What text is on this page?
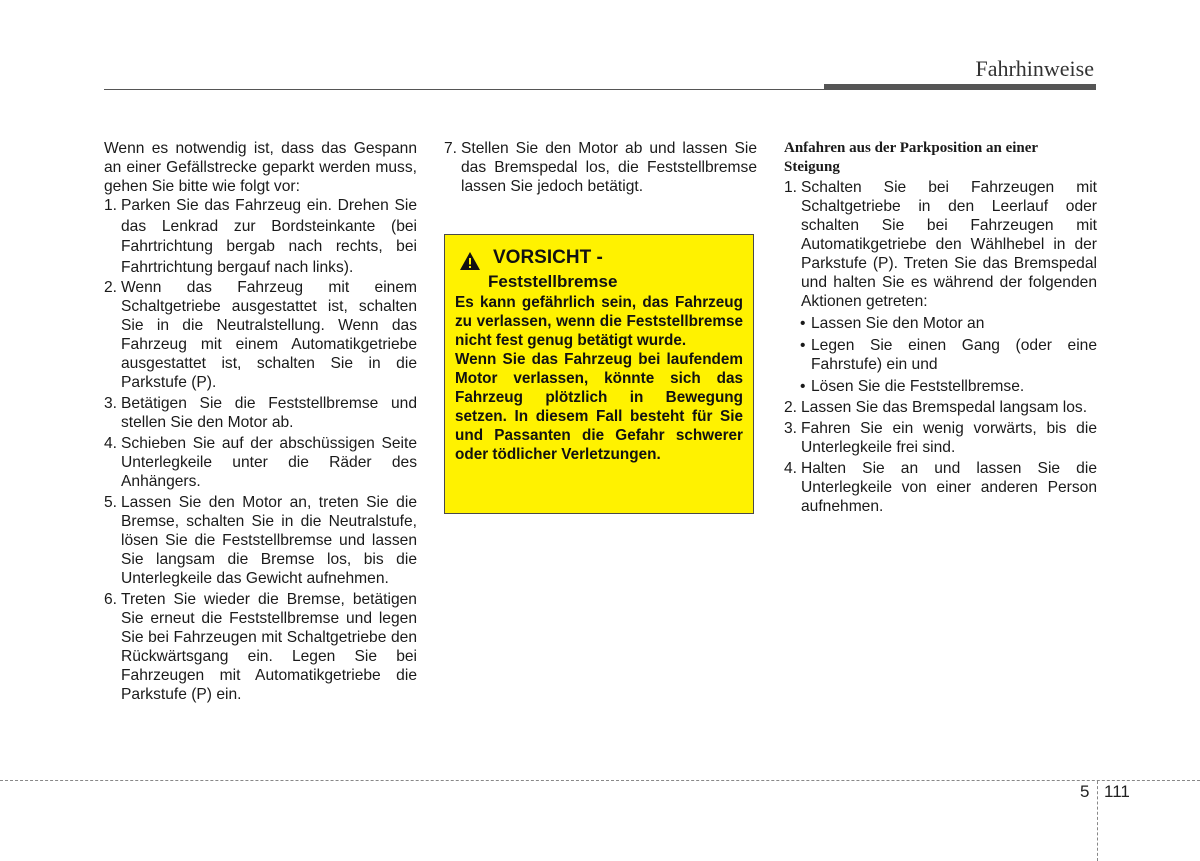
Fahrhinweise

Wenn es notwendig ist, dass das Gespann an einer Gefällstrecke geparkt werden muss, gehen Sie bitte wie folgt vor:

1. Parken Sie das Fahrzeug ein. Drehen Sie das Lenkrad zur Bordsteinkante (bei Fahrtrichtung bergab nach rechts, bei Fahrtrichtung bergauf nach links).
2. Wenn das Fahrzeug mit einem Schaltgetriebe ausgestattet ist, schalten Sie in die Neutralstellung. Wenn das Fahrzeug mit einem Automatikgetriebe ausgestattet ist, schalten Sie in die Parkstufe (P).
3. Betätigen Sie die Feststellbremse und stellen Sie den Motor ab.
4. Schieben Sie auf der abschüssigen Seite Unterlegkeile unter die Räder des Anhängers.
5. Lassen Sie den Motor an, treten Sie die Bremse, schalten Sie in die Neutralstufe, lösen Sie die Feststellbremse und lassen Sie langsam die Bremse los, bis die Unterlegkeile das Gewicht aufnehmen.
6. Treten Sie wieder die Bremse, betätigen Sie erneut die Feststellbremse und legen Sie bei Fahrzeugen mit Schaltgetriebe den Rückwärtsgang ein. Legen Sie bei Fahrzeugen mit Automatikgetriebe die Parkstufe (P) ein.
7. Stellen Sie den Motor ab und lassen Sie das Bremspedal los, die Feststellbremse lassen Sie jedoch betätigt.
VORSICHT -
Feststellbremse

Es kann gefährlich sein, das Fahrzeug zu verlassen, wenn die Feststellbremse nicht fest genug betätigt wurde.

Wenn Sie das Fahrzeug bei laufendem Motor verlassen, könnte sich das Fahrzeug plötzlich in Bewegung setzen. In diesem Fall besteht für Sie und Passanten die Gefahr schwerer oder tödlicher Verletzungen.

Anfahren aus der Parkposition an einer Steigung
1. Schalten Sie bei Fahrzeugen mit Schaltgetriebe in den Leerlauf oder schalten Sie bei Fahrzeugen mit Automatikgetriebe den Wählhebel in der Parkstufe (P). Treten Sie das Bremspedal und halten Sie es während der folgenden Aktionen getreten:
• Lassen Sie den Motor an
• Legen Sie einen Gang (oder eine Fahrstufe) ein und
• Lösen Sie die Feststellbremse.
2. Lassen Sie das Bremspedal langsam los.
3. Fahren Sie ein wenig vorwärts, bis die Unterlegkeile frei sind.
4. Halten Sie an und lassen Sie die Unterlegkeile von einer anderen Person aufnehmen.
5 111
